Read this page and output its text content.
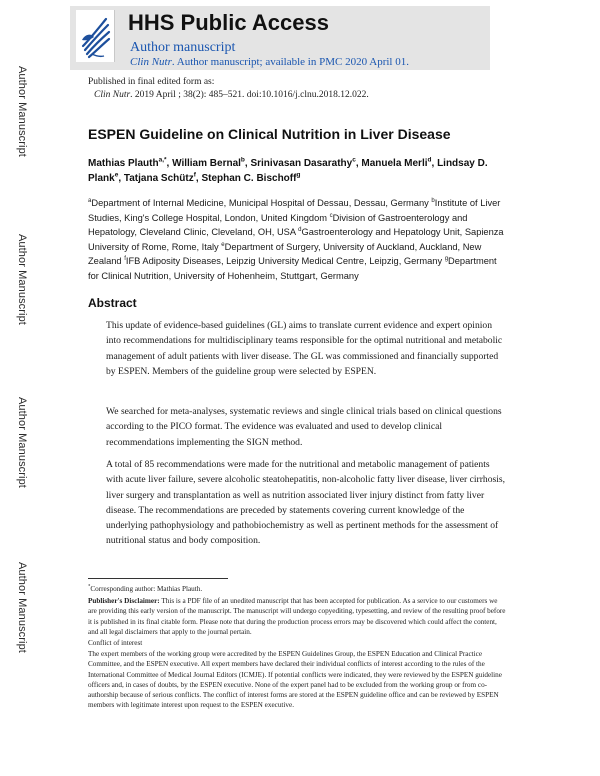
Author Manuscript
Author Manuscript
Author Manuscript
Author Manuscript
HHS Public Access
Author manuscript
Clin Nutr. Author manuscript; available in PMC 2020 April 01.
Published in final edited form as:
Clin Nutr. 2019 April ; 38(2): 485–521. doi:10.1016/j.clnu.2018.12.022.
ESPEN Guideline on Clinical Nutrition in Liver Disease
Mathias Plauth$^{a,*}$, William Bernal$^b$, Srinivasan Dasarathy$^c$, Manuela Merli$^d$, Lindsay D. Plank$^e$, Tatjana Schütz$^f$, Stephan C. Bischoff$^g$
$^a$Department of Internal Medicine, Municipal Hospital of Dessau, Dessau, Germany $^b$Institute of Liver Studies, King's College Hospital, London, United Kingdom $^c$Division of Gastroenterology and Hepatology, Cleveland Clinic, Cleveland, OH, USA $^d$Gastroenterology and Hepatology Unit, Sapienza University of Rome, Rome, Italy $^e$Department of Surgery, University of Auckland, Auckland, New Zealand $^f$IFB Adiposity Diseases, Leipzig University Medical Centre, Leipzig, Germany $^g$Department for Clinical Nutrition, University of Hohenheim, Stuttgart, Germany
Abstract
This update of evidence-based guidelines (GL) aims to translate current evidence and expert opinion into recommendations for multidisciplinary teams responsible for the optimal nutritional and metabolic management of adult patients with liver disease. The GL was commissioned and financially supported by ESPEN. Members of the guideline group were selected by ESPEN.
We searched for meta-analyses, systematic reviews and single clinical trials based on clinical questions according to the PICO format. The evidence was evaluated and used to develop clinical recommendations implementing the SIGN method.
A total of 85 recommendations were made for the nutritional and metabolic management of patients with acute liver failure, severe alcoholic steatohepatitis, non-alcoholic fatty liver disease, liver cirrhosis, liver surgery and transplantation as well as nutrition associated liver injury distinct from fatty liver disease. The recommendations are preceded by statements covering current knowledge of the underlying pathophysiology and pathobiochemistry as well as pertinent methods for the assessment of nutritional status and body composition.
*Corresponding author: Mathias Plauth.
Publisher's Disclaimer: This is a PDF file of an unedited manuscript that has been accepted for publication. As a service to our customers we are providing this early version of the manuscript. The manuscript will undergo copyediting, typesetting, and review of the resulting proof before it is published in its final citable form. Please note that during the production process errors may be discovered which could affect the content, and all legal disclaimers that apply to the journal pertain.
Conflict of interest
The expert members of the working group were accredited by the ESPEN Guidelines Group, the ESPEN Education and Clinical Practice Committee, and the ESPEN executive. All expert members have declared their individual conflicts of interest according to the rules of the International Committee of Medical Journal Editors (ICMJE). If potential conflicts were indicated, they were reviewed by the ESPEN guideline officers and, in cases of doubts, by the ESPEN executive. None of the expert panel had to be excluded from the working group or from co-authorship because of serious conflicts. The conflict of interest forms are stored at the ESPEN guideline office and can be reviewed by ESPEN members with legitimate interest upon request to the ESPEN executive.
